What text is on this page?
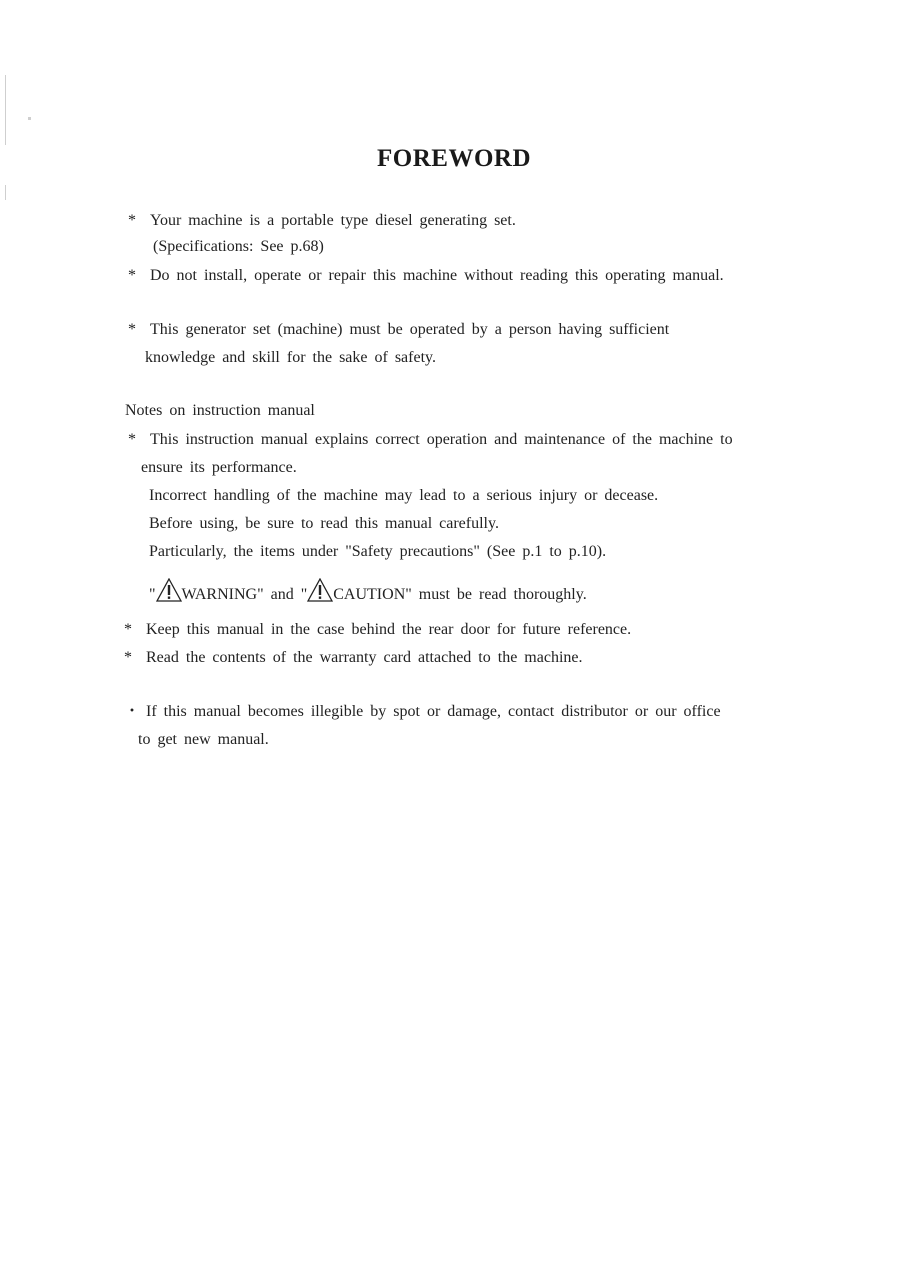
FOREWORD
* Your machine is a portable type diesel generating set.
(Specifications: See p.68)
* Do not install, operate or repair this machine without reading this operating manual.
* This generator set (machine) must be operated by a person having sufficient
knowledge and skill for the sake of safety.
Notes on instruction manual
* This instruction manual explains correct operation and maintenance of the machine to
ensure its performance.
Incorrect handling of the machine may lead to a serious injury or decease.
Before using, be sure to read this manual carefully.
Particularly, the items under "Safety precautions" (See p.1 to p.10).
" WARNING" and " CAUTION" must be read thoroughly.
* Keep this manual in the case behind the rear door for future reference.
* Read the contents of the warranty card attached to the machine.
・ If this manual becomes illegible by spot or damage, contact distributor or our office
to get new manual.
